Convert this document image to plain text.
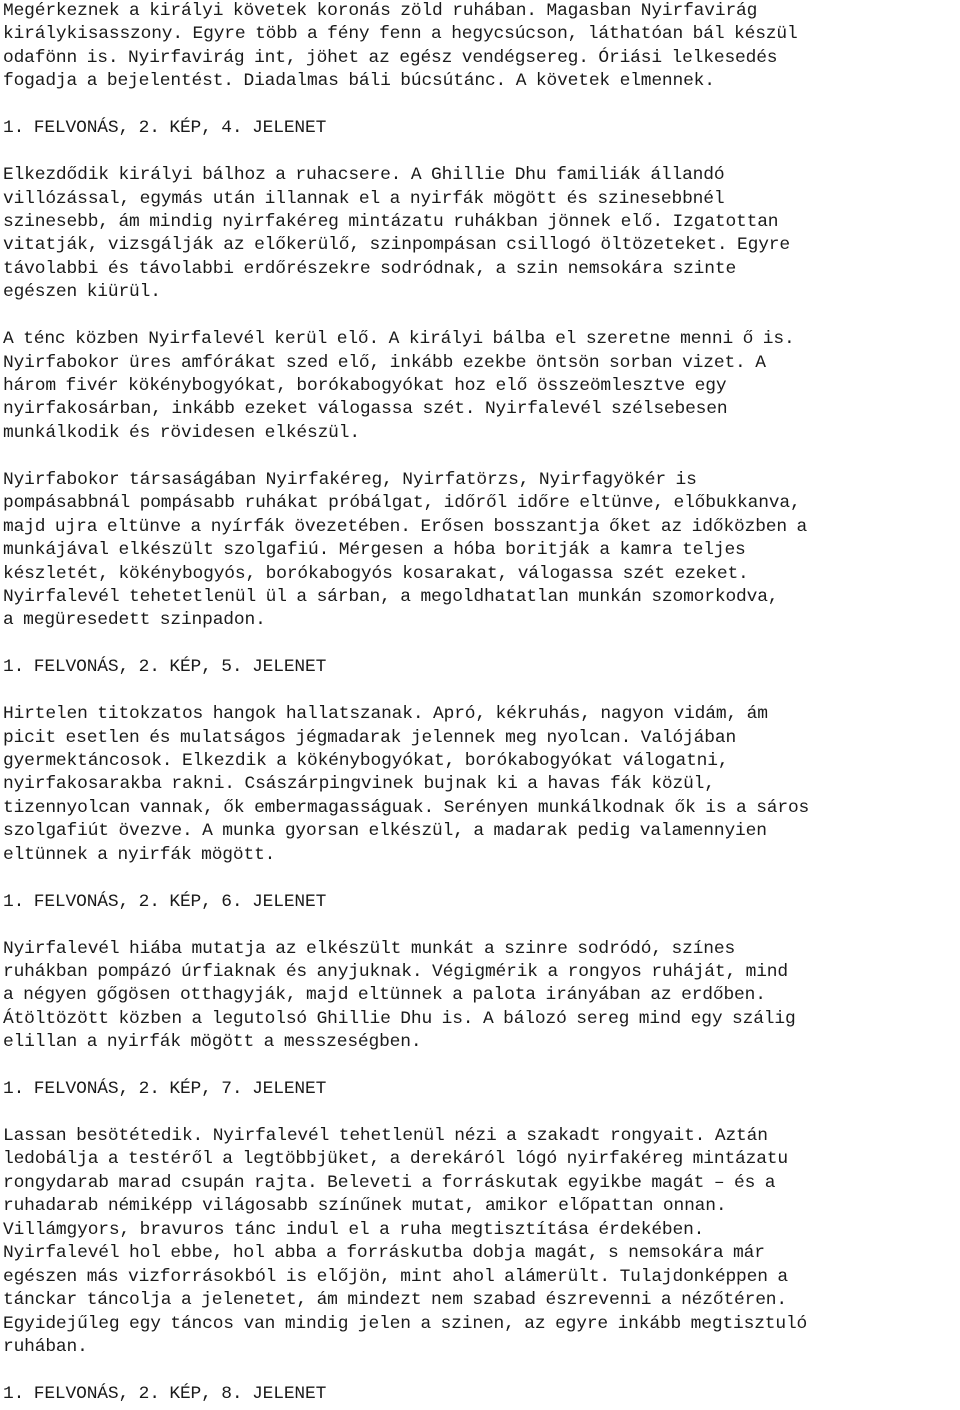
Megérkeznek a királyi követek koronás zöld ruhában. Magasban Nyirfavirág
királykisasszony. Egyre több a fény fenn a hegycsúcson, láthatóan bál készül
odafönn is. Nyirfavirág int, jöhet az egész vendégsereg. Óriási lelkesedés
fogadja a bejelentést. Diadalmas báli búcsútánc. A követek elmennek.
1. FELVONÁS, 2. KÉP, 4. JELENET
Elkezdődik királyi bálhoz a ruhacsere. A Ghillie Dhu familiák állandó
villózással, egymás után illannak el a nyirfák mögött és szinesebbnél
szinesebb, ám mindig nyirfakéreg mintázatu ruhákban jönnek elő. Izgatottan
vitatják, vizsgálják az előkerülő, szinpompásan csillogó öltözeteket. Egyre
távolabbi és távolabbi erdőrészekre sodródnak, a szin nemsokára szinte
egészen kiürül.
A ténc közben Nyirfalevél kerül elő. A királyi bálba el szeretne menni ő is.
Nyirfabokor üres amfórákat szed elő, inkább ezekbe öntsön sorban vizet. A
három fivér kökénybogyókat, borókabogyókat hoz elő összeömlesztve egy
nyirfakosárban, inkább ezeket válogassa szét. Nyirfalevél szélsebesen
munkálkodik és rövidesen elkészül.
Nyirfabokor társaságában Nyirfakéreg, Nyirfatörzs, Nyirfagyökér is
pompásabbnál pompásabb ruhákat próbálgat, időről időre eltünve, előbukkanva,
majd ujra eltünve a nyírfák övezetében. Erősen bosszantja őket az időközben a
munkájával elkészült szolgafiú. Mérgesen a hóba boritják a kamra teljes
készletét, kökénybogyós, borókabogyós kosarakat, válogassa szét ezeket.
Nyirfalevél tehetetlenül ül a sárban, a megoldhatatlan munkán szomorkodva,
a megüresedett szinpadon.
1. FELVONÁS, 2. KÉP, 5. JELENET
Hirtelen titokzatos hangok hallatszanak. Apró, kékruhás, nagyon vidám, ám
picit esetlen és mulatságos jégmadarak jelennek meg nyolcan. Valójában
gyermektáncosok. Elkezdik a kökénybogyókat, borókabogyókat válogatni,
nyirfakosarakba rakni. Császárpingvinek bujnak ki a havas fák közül,
tizennyolcan vannak, ők embermagasságuak. Serényen munkálkodnak ők is a sáros
szolgafiút övezve. A munka gyorsan elkészül, a madarak pedig valamennyien
eltünnek a nyirfák mögött.
1. FELVONÁS, 2. KÉP, 6. JELENET
Nyirfalevél hiába mutatja az elkészült munkát a szinre sodródó, színes
ruhákban pompázó úrfiaknak és anyjuknak. Végigmérik a rongyos ruháját, mind
a négyen gőgösen otthagyják, majd eltünnek a palota irányában az erdőben.
Átöltözött közben a legutolsó Ghillie Dhu is. A bálozó sereg mind egy szálig
elillan a nyirfák mögött a messzeségben.
1. FELVONÁS, 2. KÉP, 7. JELENET
Lassan besötétedik. Nyirfalevél tehetlenül nézi a szakadt rongyait. Aztán
ledobálja a testéről a legtöbbjüket, a derekáról lógó nyirfakéreg mintázatu
rongydarab marad csupán rajta. Beleveti a forráskutak egyikbe magát – és a
ruhadarab némiképp világosabb színűnek mutat, amikor előpattan onnan.
Villámgyors, bravuros tánc indul el a ruha megtisztítása érdekében.
Nyirfalevél hol ebbe, hol abba a forráskutba dobja magát, s nemsokára már
egészen más vizforrásokból is előjön, mint ahol alámerült. Tulajdonképpen a
tánckar táncolja a jelenetet, ám mindezt nem szabad észrevenni a nézőtéren.
Egyidejűleg egy táncos van mindig jelen a szinen, az egyre inkább megtisztuló
ruhában.
1. FELVONÁS, 2. KÉP, 8. JELENET
